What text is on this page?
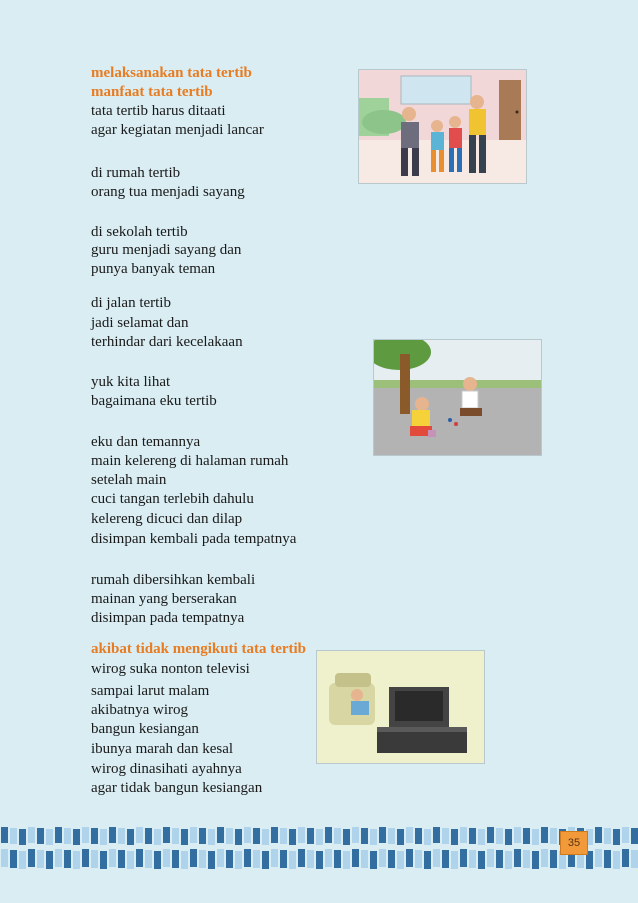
melaksanakan tata tertib
manfaat tata tertib
tata tertib harus ditaati
agar kegiatan menjadi lancar
di rumah tertib
orang tua menjadi sayang
di sekolah tertib
guru menjadi sayang dan
punya banyak teman
di jalan tertib
jadi selamat dan
terhindar dari kecelakaan
yuk kita lihat
bagaimana eku tertib
eku dan temannya
main kelereng di halaman rumah
setelah main
cuci tangan terlebih dahulu
kelereng dicuci dan dilap
disimpan kembali pada tempatnya
rumah dibersihkan kembali
mainan yang berserakan
disimpan pada tempatnya
akibat tidak mengikuti tata tertib
wirog suka nonton televisi
sampai larut malam
akibatnya wirog
bangun kesiangan
ibunya marah dan kesal
wirog dinasihati ayahnya
agar tidak bangun kesiangan
35
